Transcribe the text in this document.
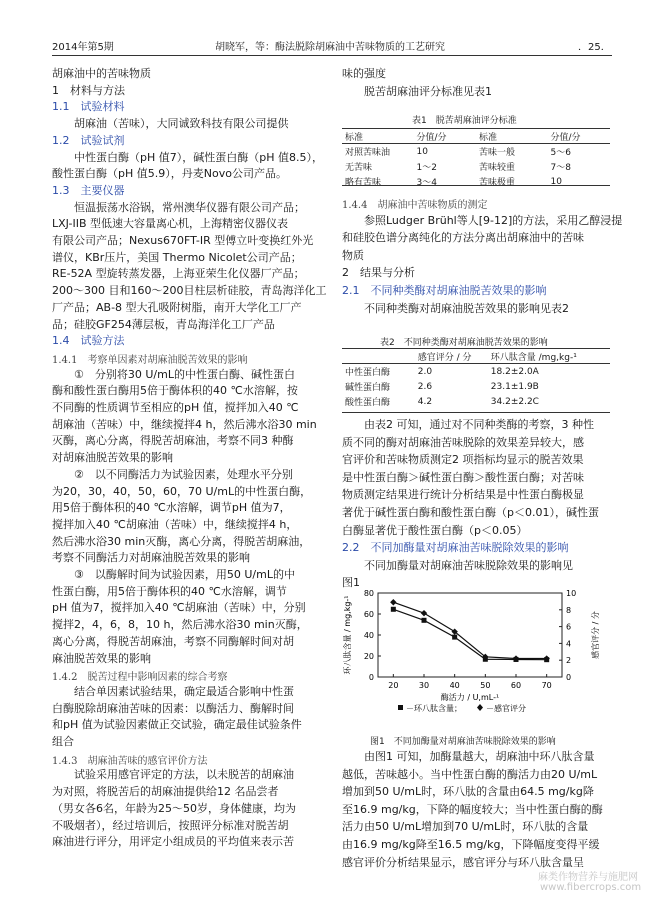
2014年第5期	胡晓军，等：酶法脱除胡麻油中苦味物质的工艺研究	．25．
胡麻油中的苦味物质
1　材料与方法
1.1　试验材料
　　胡麻油（苦味），大同诚致科技有限公司提供
1.2　试验试剂
　　中性蛋白酶（pH 值7），碱性蛋白酶（pH 值8.5），
酸性蛋白酶（pH 值5.9），丹麦Novo公司产品。
1.3　主要仪器
　　恒温振荡水浴锅，常州澳华仪器有限公司产品；
LXJ-IIB 型低速大容量离心机，上海精密仪器仪表
有限公司产品；Nexus670FT-IR 型傅立叶变换红外光
谱仪，KBr压片，美国 Thermo Nicolet公司产品；
RE-52A 型旋转蒸发器，上海亚荣生化仪器厂产品；
200～300 目和160～200目柱层析硅胶，青岛海洋化工
厂产品；AB-8 型大孔吸附树脂，南开大学化工厂产
品；硅胶GF254薄层板，青岛海洋化工厂产品
1.4　试验方法
1.4.1　考察单因素对胡麻油脱苦效果的影响
　　①　分别将30 U/mL的中性蛋白酶、碱性蛋白
酶和酸性蛋白酶用5倍于酶体积的40 ℃水溶解，按
不同酶的性质调节至相应的pH 值，搅拌加入40 ℃
胡麻油（苦味）中，继续搅拌4 h，然后沸水浴30 min
灭酶，离心分离，得脱苦胡麻油，考察不同3 种酶
对胡麻油脱苦效果的影响
　　②　以不同酶活力为试验因素，处理水平分别
为20，30，40，50，60，70 U/mL的中性蛋白酶，
用5倍于酶体积的40 ℃水溶解，调节pH 值为7，
搅拌加入40 ℃胡麻油（苦味）中，继续搅拌4 h，
然后沸水浴30 min灭酶，离心分离，得脱苦胡麻油，
考察不同酶活力对胡麻油脱苦效果的影响
　　③　以酶解时间为试验因素，用50 U/mL的中
性蛋白酶，用5倍于酶体积的40 ℃水溶解，调节
pH 值为7，搅拌加入40 ℃胡麻油（苦味）中，分别
搅拌2，4，6，8，10 h，然后沸水浴30 min灭酶，
离心分离，得脱苦胡麻油，考察不同酶解时间对胡
麻油脱苦效果的影响
1.4.2　脱苦过程中影响因素的综合考察
　　结合单因素试验结果，确定最适合影响中性蛋
白酶脱除胡麻油苦味的因素：以酶活力、酶解时间
和pH 值为试验因素做正交试验，确定最佳试验条件
组合
1.4.3　胡麻油苦味的感官评价方法
　　试验采用感官评定的方法，以未脱苦的胡麻油
为对照，将脱苦后的胡麻油提供给12 名品尝者
（男女各6名，年龄为25～50岁，身体健康，均为
不吸烟者），经过培训后，按照评分标准对脱苦胡
麻油进行评分，用评定小组成员的平均值来表示苦
味的强度
　　脱苦胡麻油评分标准见表1
1.4.4　胡麻油中苦味物质的测定
　　参照Ludger Brühl等人[9-12]的方法，采用乙醇浸提
和硅胶色谱分离纯化的方法分离出胡麻油中的苦味
物质
2　结果与分析
2.1　不同种类酶对胡麻油脱苦效果的影响
　　不同种类酶对胡麻油脱苦效果的影响见表2
　　由表2 可知，通过对不同种类酶的考察，3 种性
质不同的酶对胡麻油苦味脱除的效果差异较大，感
官评价和苦味物质测定2 项指标均显示的脱苦效果
是中性蛋白酶＞碱性蛋白酶＞酸性蛋白酶；对苦味
物质测定结果进行统计分析结果是中性蛋白酶极显
著优于碱性蛋白酶和酸性蛋白酶（p＜0.01），碱性蛋
白酶显著优于酸性蛋白酶（p＜0.05）
2.2　不同加酶量对胡麻油苦味脱除效果的影响
　　不同加酶量对胡麻油苦味脱除效果的影响见
图1
　　由图1 可知，加酶量越大，胡麻油中环八肽含量
越低，苦味越小。当中性蛋白酶的酶活力由20 U/mL
增加到50 U/mL时，环八肽的含量由64.5 mg/kg降
至16.9 mg/kg，下降的幅度较大；当中性蛋白酶的酶
活力由50 U/mL增加到70 U/mL时，环八肽的含量
由16.9 mg/kg降至16.5 mg/kg，下降幅度变得平缓
感官评价分析结果显示，感官评分与环八肽含量呈
表1　脱苦胡麻油评分标准
标准	分值/分	标准	分值/分
对照苦味油	10	苦味一般	5～6
无苦味	1～2	苦味较重	7～8
略有苦味	3～4	苦味极重	10
表2　不同种类酶对胡麻油脱苦效果的影响
	感官评分 / 分	环八肽含量 /mg,kg-¹
中性蛋白酶	2.0	18.2±2.0A
碱性蛋白酶	2.6	23.1±1.9B
酸性蛋白酶	4.2	34.2±2.2C
80
60
40
20
0
10
8
6
4
2
0
20	30	40	50	60	70
酶活力 / U,mL-¹
环八肽含量 / mg,kg-¹	感官评分 / 分
－环八肽含量；	－感官评分
图1　不同加酶量对胡麻油苦味脱除效果的影响
麻类作物营养与施肥网
www.fibercrops.com
